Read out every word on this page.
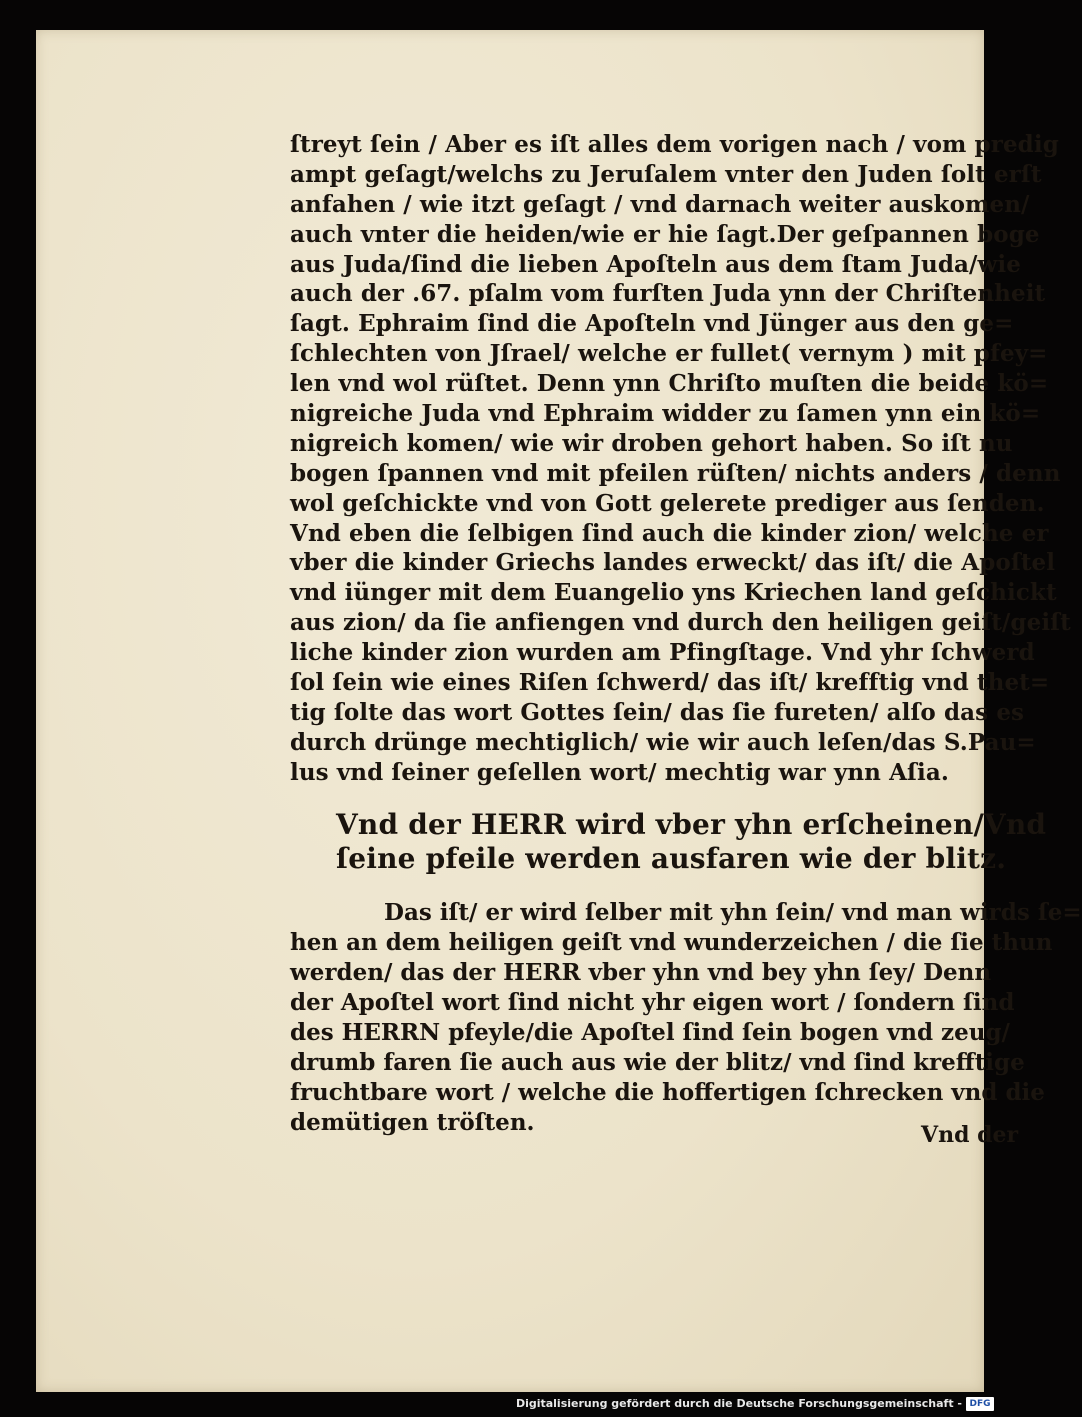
ſtreyt ſein / Aber es iſt alles dem vorigen nach / vom predig
ampt geſagt/welchs zu Jeruſalem vnter den Juden ſolt erſt
anfahen / wie itzt geſagt / vnd darnach weiter auskomen/
auch vnter die heiden/wie er hie ſagt.Der geſpannen boge
aus Juda/ſind die lieben Apoſteln aus dem ſtam Juda/wie
auch der .67. pſalm vom furſten Juda ynn der Chriſtenheit
ſagt. Ephraim ſind die Apoſteln vnd Jünger aus den ge=
ſchlechten von Jſrael/ welche er fullet( vernym ) mit pfey=
len vnd wol rüſtet. Denn ynn Chriſto muſten die beide kö=
nigreiche Juda vnd Ephraim widder zu ſamen ynn ein kö=
nigreich komen/ wie wir droben gehort haben. So iſt nu
bogen ſpannen vnd mit pfeilen rüſten/ nichts anders / denn
wol geſchickte vnd von Gott gelerete prediger aus ſenden.
Vnd eben die ſelbigen ſind auch die kinder zion/ welche er
vber die kinder Griechs landes erweckt/ das iſt/ die Apoſtel
vnd iünger mit dem Euangelio yns Kriechen land geſchickt
aus zion/ da ſie anfiengen vnd durch den heiligen geiſt/geiſt
liche kinder zion wurden am Pfingſtage. Vnd yhr ſchwerd
ſol ſein wie eines Riſen ſchwerd/ das iſt/ krefftig vnd thet=
tig ſolte das wort Gottes ſein/ das ſie fureten/ alſo das es
durch drünge mechtiglich/ wie wir auch leſen/das S.Pau=
lus vnd ſeiner geſellen wort/ mechtig war ynn Aſia.
Vnd der HERR wird vber yhn erſcheinen/Vnd
ſeine pfeile werden ausfaren wie der blitz.
Das iſt/ er wird ſelber mit yhn ſein/ vnd man wirds ſe=
hen an dem heiligen geiſt vnd wunderzeichen / die ſie thun
werden/ das der HERR vber yhn vnd bey yhn ſey/ Denn
der Apoſtel wort ſind nicht yhr eigen wort / ſondern ſind
des HERRN pfeyle/die Apoſtel ſind ſein bogen vnd zeug/
drumb faren ſie auch aus wie der blitz/ vnd ſind krefftige
fruchtbare wort / welche die hoffertigen ſchrecken vnd die
demütigen tröſten.	Vnd der
Digitalisierung gefördert durch die Deutsche Forschungsgemeinschaft - DFG
